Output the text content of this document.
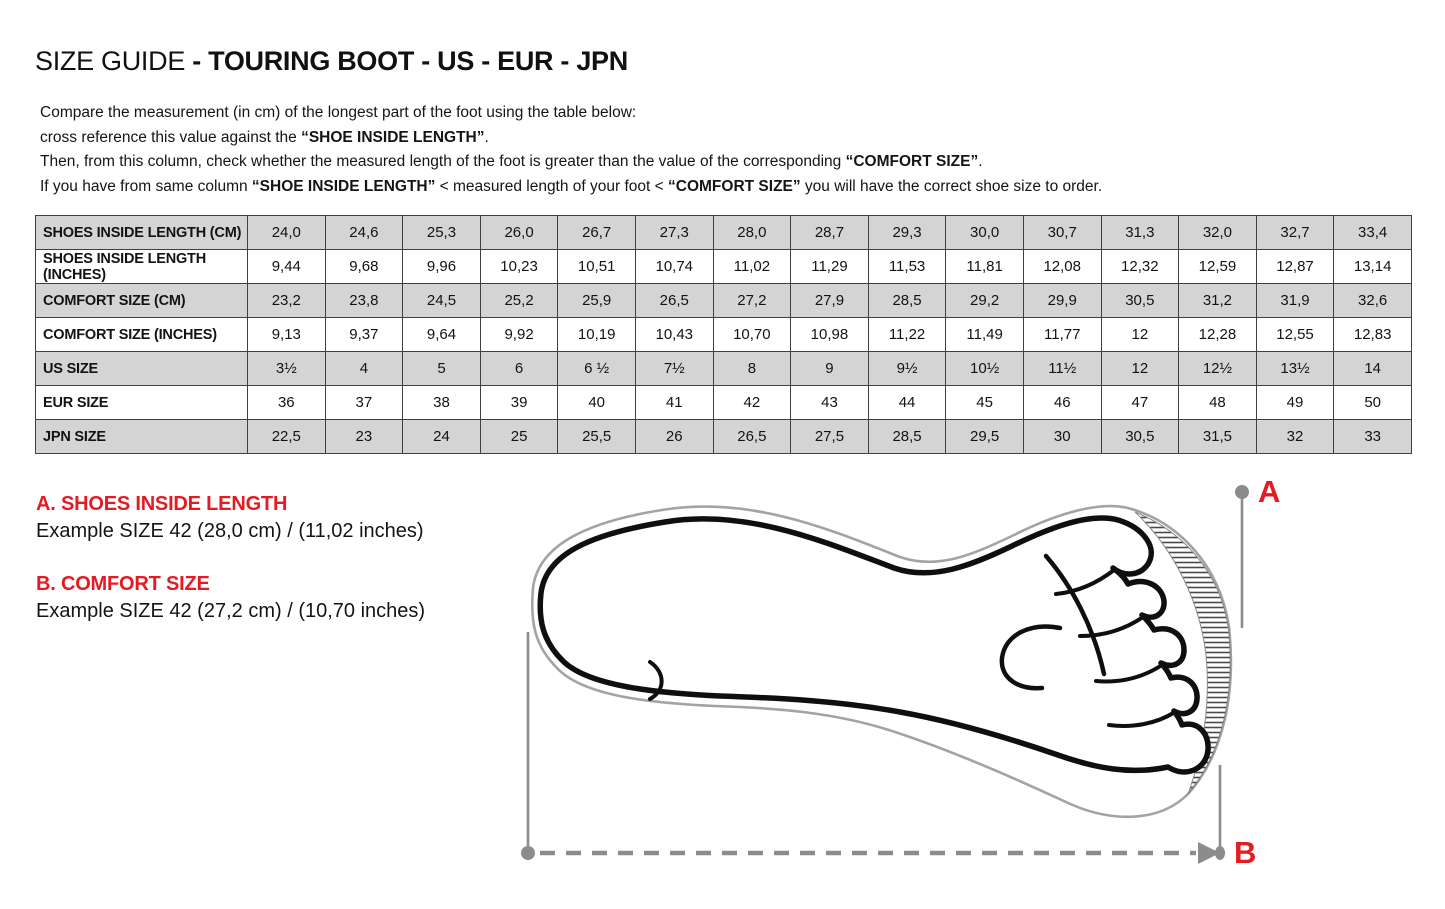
SIZE GUIDE - TOURING BOOT - US - EUR - JPN
Compare the measurement (in cm) of the longest part of the foot using the table below:
cross reference this value against the “SHOE INSIDE LENGTH”.
Then, from this column, check whether the measured length of the foot is greater than the value of the corresponding “COMFORT SIZE”.
If you have from same column “SHOE INSIDE LENGTH” < measured length of your foot < “COMFORT SIZE” you will have the correct shoe size to order.
SHOES INSIDE LENGTH (CM)	24,0	24,6	25,3	26,0	26,7	27,3	28,0	28,7	29,3	30,0	30,7	31,3	32,0	32,7	33,4
SHOES INSIDE LENGTH (INCHES)	9,44	9,68	9,96	10,23	10,51	10,74	11,02	11,29	11,53	11,81	12,08	12,32	12,59	12,87	13,14
COMFORT SIZE (CM)	23,2	23,8	24,5	25,2	25,9	26,5	27,2	27,9	28,5	29,2	29,9	30,5	31,2	31,9	32,6
COMFORT SIZE (INCHES)	9,13	9,37	9,64	9,92	10,19	10,43	10,70	10,98	11,22	11,49	11,77	12	12,28	12,55	12,83
US SIZE	3½	4	5	6	6 ½	7½	8	9	9½	10½	11½	12	12½	13½	14
EUR SIZE	36	37	38	39	40	41	42	43	44	45	46	47	48	49	50
JPN SIZE	22,5	23	24	25	25,5	26	26,5	27,5	28,5	29,5	30	30,5	31,5	32	33
A. SHOES INSIDE LENGTH
Example SIZE 42 (28,0 cm) / (11,02 inches)
B. COMFORT SIZE
Example SIZE 42 (27,2 cm) / (10,70 inches)
A
B
